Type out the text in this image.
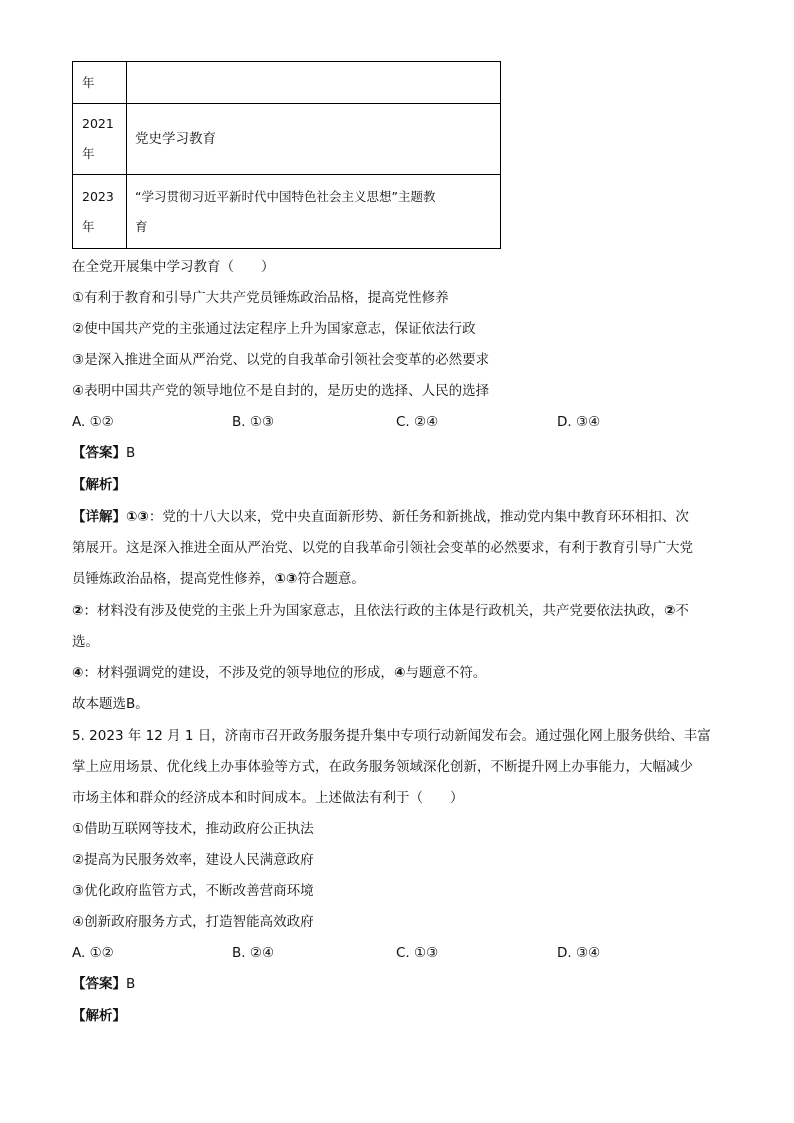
年	

2021
年	党史学习教育

2023
年	“学习贯彻习近平新时代中国特色社会主义思想”主题教
育
在全党开展集中学习教育（　　）
①有利于教育和引导广大共产党员锤炼政治品格，提高党性修养
②使中国共产党的主张通过法定程序上升为国家意志，保证依法行政
③是深入推进全面从严治党、以党的自我革命引领社会变革的必然要求
④表明中国共产党的领导地位不是自封的，是历史的选择、人民的选择
A. ①②	B. ①③	C. ②④	D. ③④
【答案】B
【解析】
【详解】①③：党的十八大以来，党中央直面新形势、新任务和新挑战，推动党内集中教育环环相扣、次
第展开。这是深入推进全面从严治党、以党的自我革命引领社会变革的必然要求，有利于教育引导广大党
员锤炼政治品格，提高党性修养，①③符合题意。
②：材料没有涉及使党的主张上升为国家意志，且依法行政的主体是行政机关，共产党要依法执政，②不
选。
④：材料强调党的建设，不涉及党的领导地位的形成，④与题意不符。
故本题选B。
5. 2023 年 12 月 1 日，济南市召开政务服务提升集中专项行动新闻发布会。通过强化网上服务供给、丰富
掌上应用场景、优化线上办事体验等方式，在政务服务领域深化创新，不断提升网上办事能力，大幅减少
市场主体和群众的经济成本和时间成本。上述做法有利于（　　）
①借助互联网等技术，推动政府公正执法
②提高为民服务效率，建设人民满意政府
③优化政府监管方式，不断改善营商环境
④创新政府服务方式，打造智能高效政府
A. ①②	B. ②④	C. ①③	D. ③④
【答案】B
【解析】
